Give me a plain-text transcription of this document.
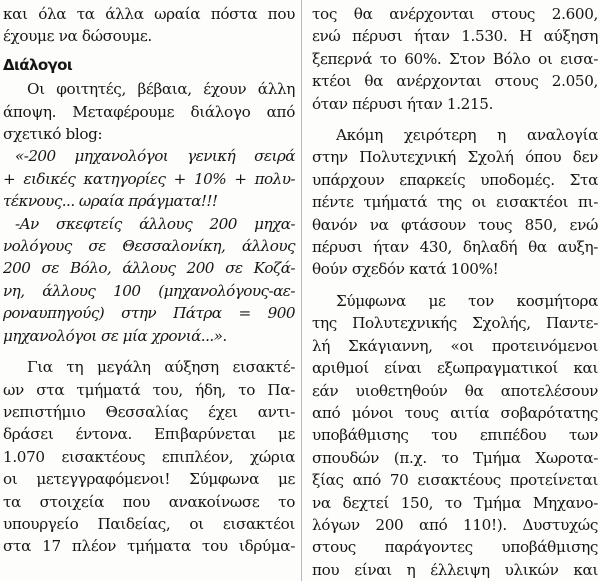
και όλα τα άλλα ωραία πόστα που
έχουμε να δώσουμε.

Διάλογοι

Οι φοιτητές, βέβαια, έχουν άλλη
άποψη. Μεταφέρουμε διάλογο από
σχετικό blog:

«-200 μηχανολόγοι γενική σειρά
+ ειδικές κατηγορίες + 10% + πολυ-
τέκνους... ωραία πράγματα!!!

-Αν σκεφτείς άλλους 200 μηχα-
νολόγους σε Θεσσαλονίκη, άλλους
200 σε Βόλο, άλλους 200 σε Κοζά-
νη, άλλους 100 (μηχανολόγους-αε-
ροναυπηγούς) στην Πάτρα = 900
μηχανολόγοι σε μία χρονιά...».

Για τη μεγάλη αύξηση εισακτέ-
ων στα τμήματά του, ήδη, το Πα-
νεπιστήμιο Θεσσαλίας έχει αντι-
δράσει έντονα. Επιβαρύνεται με
1.070 εισακτέους επιπλέον, χώρια
οι μετεγγραφόμενοι! Σύμφωνα με
τα στοιχεία που ανακοίνωσε το
υπουργείο Παιδείας, οι εισακτέοι
στα 17 πλέον τμήματα του ιδρύμα-

τος θα ανέρχονται στους 2.600,
ενώ πέρυσι ήταν 1.530. Η αύξηση
ξεπερνά το 60%. Στον Βόλο οι εισα-
κτέοι θα ανέρχονται στους 2.050,
όταν πέρυσι ήταν 1.215.

Ακόμη χειρότερη η αναλογία
στην Πολυτεχνική Σχολή όπου δεν
υπάρχουν επαρκείς υποδομές. Στα
πέντε τμήματά της οι εισακτέοι πι-
θανόν να φτάσουν τους 850, ενώ
πέρυσι ήταν 430, δηλαδή θα αυξη-
θούν σχεδόν κατά 100%!

Σύμφωνα με τον κοσμήτορα
της Πολυτεχνικής Σχολής, Παντε-
λή Σκάγιαννη, «οι προτεινόμενοι
αριθμοί είναι εξωπραγματικοί και
εάν υιοθετηθούν θα αποτελέσουν
από μόνοι τους αιτία σοβαρότατης
υποβάθμισης του επιπέδου των
σπουδών (π.χ. το Τμήμα Χωροτα-
ξίας από 70 εισακτέους προτείνεται
να δεχτεί 150, το Τμήμα Μηχανο-
λόγων 200 από 110!). Δυστυχώς
στους παράγοντες υποβάθμισης
που είναι η έλλειψη υλικών και
